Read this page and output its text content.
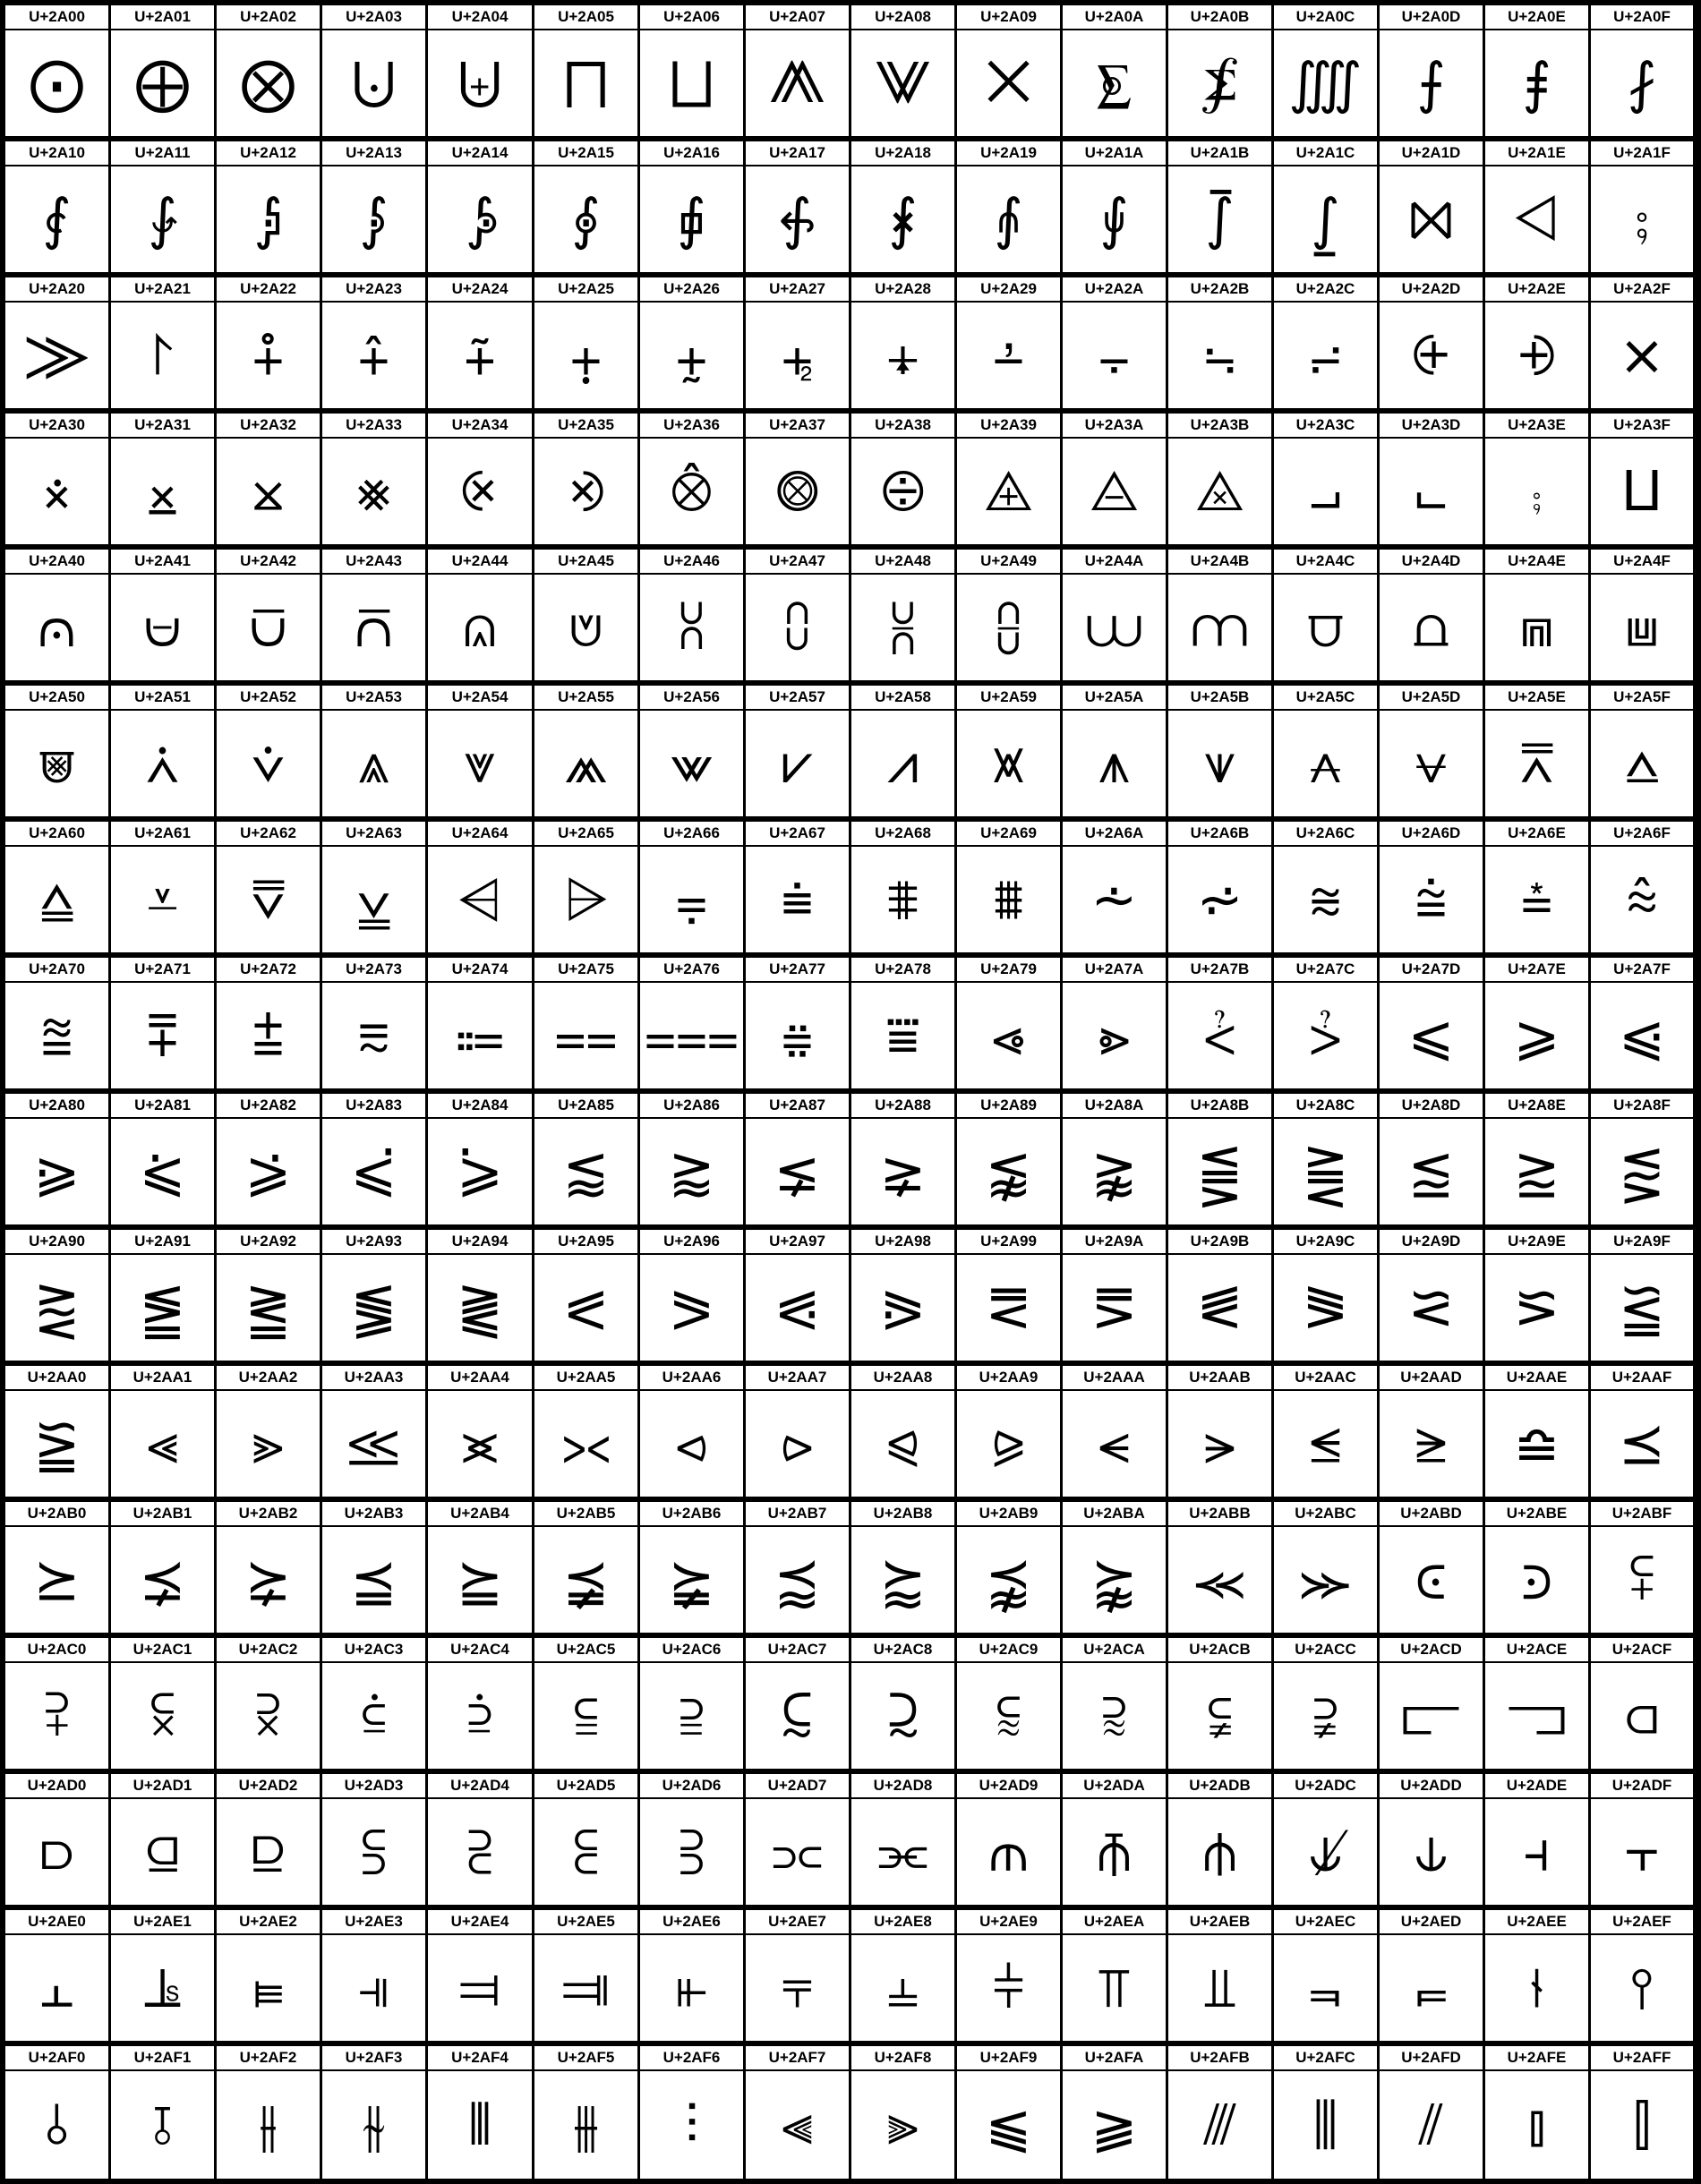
U+2A00
⨀
U+2A01
⨁
U+2A02
⨂
U+2A03
⨃
U+2A04
⨄
U+2A05
⨅
U+2A06
⨆
U+2A07
⨇
U+2A08
⨈
U+2A09
⨉
U+2A0A
⨊
U+2A0B
⨋
U+2A0C
⨌
U+2A0D
⨍
U+2A0E
⨎
U+2A0F
⨏
U+2A10
⨐
U+2A11
⨑
U+2A12
⨒
U+2A13
⨓
U+2A14
⨔
U+2A15
⨕
U+2A16
⨖
U+2A17
⨗
U+2A18
⨘
U+2A19
⨙
U+2A1A
⨚
U+2A1B
⨛
U+2A1C
⨜
U+2A1D
⨝
U+2A1E
⨞
U+2A1F
⨟
U+2A20
⨠
U+2A21
⨡
U+2A22
⨢
U+2A23
⨣
U+2A24
⨤
U+2A25
⨥
U+2A26
⨦
U+2A27
⨧
U+2A28
⨨
U+2A29
⨩
U+2A2A
⨪
U+2A2B
⨫
U+2A2C
⨬
U+2A2D
⨭
U+2A2E
⨮
U+2A2F
⨯
U+2A30
⨰
U+2A31
⨱
U+2A32
⨲
U+2A33
⨳
U+2A34
⨴
U+2A35
⨵
U+2A36
⨶
U+2A37
⨷
U+2A38
⨸
U+2A39
⨹
U+2A3A
⨺
U+2A3B
⨻
U+2A3C
⨼
U+2A3D
⨽
U+2A3E
⨾
U+2A3F
⨿
U+2A40
⩀
U+2A41
⩁
U+2A42
⩂
U+2A43
⩃
U+2A44
⩄
U+2A45
⩅
U+2A46
⩆
U+2A47
⩇
U+2A48
⩈
U+2A49
⩉
U+2A4A
⩊
U+2A4B
⩋
U+2A4C
⩌
U+2A4D
⩍
U+2A4E
⩎
U+2A4F
⩏
U+2A50
⩐
U+2A51
⩑
U+2A52
⩒
U+2A53
⩓
U+2A54
⩔
U+2A55
⩕
U+2A56
⩖
U+2A57
⩗
U+2A58
⩘
U+2A59
⩙
U+2A5A
⩚
U+2A5B
⩛
U+2A5C
⩜
U+2A5D
⩝
U+2A5E
⩞
U+2A5F
⩟
U+2A60
⩠
U+2A61
⩡
U+2A62
⩢
U+2A63
⩣
U+2A64
⩤
U+2A65
⩥
U+2A66
⩦
U+2A67
⩧
U+2A68
⩨
U+2A69
⩩
U+2A6A
⩪
U+2A6B
⩫
U+2A6C
⩬
U+2A6D
⩭
U+2A6E
⩮
U+2A6F
⩯
U+2A70
⩰
U+2A71
⩱
U+2A72
⩲
U+2A73
⩳
U+2A74
⩴
U+2A75
⩵
U+2A76
⩶
U+2A77
⩷
U+2A78
⩸
U+2A79
⩹
U+2A7A
⩺
U+2A7B
⩻
U+2A7C
⩼
U+2A7D
⩽
U+2A7E
⩾
U+2A7F
⩿
U+2A80
⪀
U+2A81
⪁
U+2A82
⪂
U+2A83
⪃
U+2A84
⪄
U+2A85
⪅
U+2A86
⪆
U+2A87
⪇
U+2A88
⪈
U+2A89
⪉
U+2A8A
⪊
U+2A8B
⪋
U+2A8C
⪌
U+2A8D
⪍
U+2A8E
⪎
U+2A8F
⪏
U+2A90
⪐
U+2A91
⪑
U+2A92
⪒
U+2A93
⪓
U+2A94
⪔
U+2A95
⪕
U+2A96
⪖
U+2A97
⪗
U+2A98
⪘
U+2A99
⪙
U+2A9A
⪚
U+2A9B
⪛
U+2A9C
⪜
U+2A9D
⪝
U+2A9E
⪞
U+2A9F
⪟
U+2AA0
⪠
U+2AA1
⪡
U+2AA2
⪢
U+2AA3
⪣
U+2AA4
⪤
U+2AA5
⪥
U+2AA6
⪦
U+2AA7
⪧
U+2AA8
⪨
U+2AA9
⪩
U+2AAA
⪪
U+2AAB
⪫
U+2AAC
⪬
U+2AAD
⪭
U+2AAE
⪮
U+2AAF
⪯
U+2AB0
⪰
U+2AB1
⪱
U+2AB2
⪲
U+2AB3
⪳
U+2AB4
⪴
U+2AB5
⪵
U+2AB6
⪶
U+2AB7
⪷
U+2AB8
⪸
U+2AB9
⪹
U+2ABA
⪺
U+2ABB
⪻
U+2ABC
⪼
U+2ABD
⪽
U+2ABE
⪾
U+2ABF
⪿
U+2AC0
⫀
U+2AC1
⫁
U+2AC2
⫂
U+2AC3
⫃
U+2AC4
⫄
U+2AC5
⫅
U+2AC6
⫆
U+2AC7
⫇
U+2AC8
⫈
U+2AC9
⫉
U+2ACA
⫊
U+2ACB
⫋
U+2ACC
⫌
U+2ACD
⫍
U+2ACE
⫎
U+2ACF
⫏
U+2AD0
⫐
U+2AD1
⫑
U+2AD2
⫒
U+2AD3
⫓
U+2AD4
⫔
U+2AD5
⫕
U+2AD6
⫖
U+2AD7
⫗
U+2AD8
⫘
U+2AD9
⫙
U+2ADA
⫚
U+2ADB
⫛
U+2ADC
⫝̸
U+2ADD
⫝
U+2ADE
⫞
U+2ADF
⫟
U+2AE0
⫠
U+2AE1
⫡
U+2AE2
⫢
U+2AE3
⫣
U+2AE4
⫤
U+2AE5
⫥
U+2AE6
⫦
U+2AE7
⫧
U+2AE8
⫨
U+2AE9
⫩
U+2AEA
⫪
U+2AEB
⫫
U+2AEC
⫬
U+2AED
⫭
U+2AEE
⫮
U+2AEF
⫯
U+2AF0
⫰
U+2AF1
⫱
U+2AF2
⫲
U+2AF3
⫳
U+2AF4
⫴
U+2AF5
⫵
U+2AF6
⫶
U+2AF7
⫷
U+2AF8
⫸
U+2AF9
⫹
U+2AFA
⫺
U+2AFB
⫻
U+2AFC
⫼
U+2AFD
⫽
U+2AFE
⫾
U+2AFF
⫿
